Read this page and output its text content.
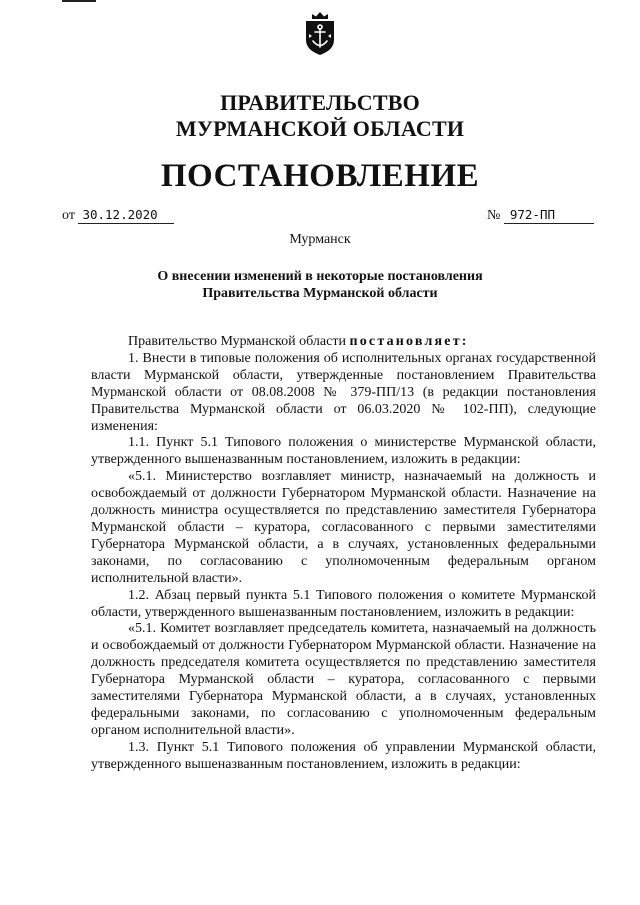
ПРАВИТЕЛЬСТВО
МУРМАНСКОЙ ОБЛАСТИ
ПОСТАНОВЛЕНИЕ
от 30.12.2020	№ 972-ПП
Мурманск
О внесении изменений в некоторые постановления
Правительства Мурманской области

Правительство Мурманской области постановляет:

1. Внести в типовые положения об исполнительных органах государственной власти Мурманской области, утвержденные постановлением Правительства Мурманской области от 08.08.2008 № 379-ПП/13 (в редакции постановления Правительства Мурманской области от 06.03.2020 № 102-ПП), следующие изменения:

1.1. Пункт 5.1 Типового положения о министерстве Мурманской области, утвержденного вышеназванным постановлением, изложить в редакции:

«5.1. Министерство возглавляет министр, назначаемый на должность и освобождаемый от должности Губернатором Мурманской области. Назначение на должность министра осуществляется по представлению заместителя Губернатора Мурманской области – куратора, согласованного с первыми заместителями Губернатора Мурманской области, а в случаях, установленных федеральными законами, по согласованию с уполномоченным федеральным органом исполнительной власти».

1.2. Абзац первый пункта 5.1 Типового положения о комитете Мурманской области, утвержденного вышеназванным постановлением, изложить в редакции:

«5.1. Комитет возглавляет председатель комитета, назначаемый на должность и освобождаемый от должности Губернатором Мурманской области. Назначение на должность председателя комитета осуществляется по представлению заместителя Губернатора Мурманской области – куратора, согласованного с первыми заместителями Губернатора Мурманской области, а в случаях, установленных федеральными законами, по согласованию с уполномоченным федеральным органом исполнительной власти».

1.3. Пункт 5.1 Типового положения об управлении Мурманской области, утвержденного вышеназванным постановлением, изложить в редакции:
